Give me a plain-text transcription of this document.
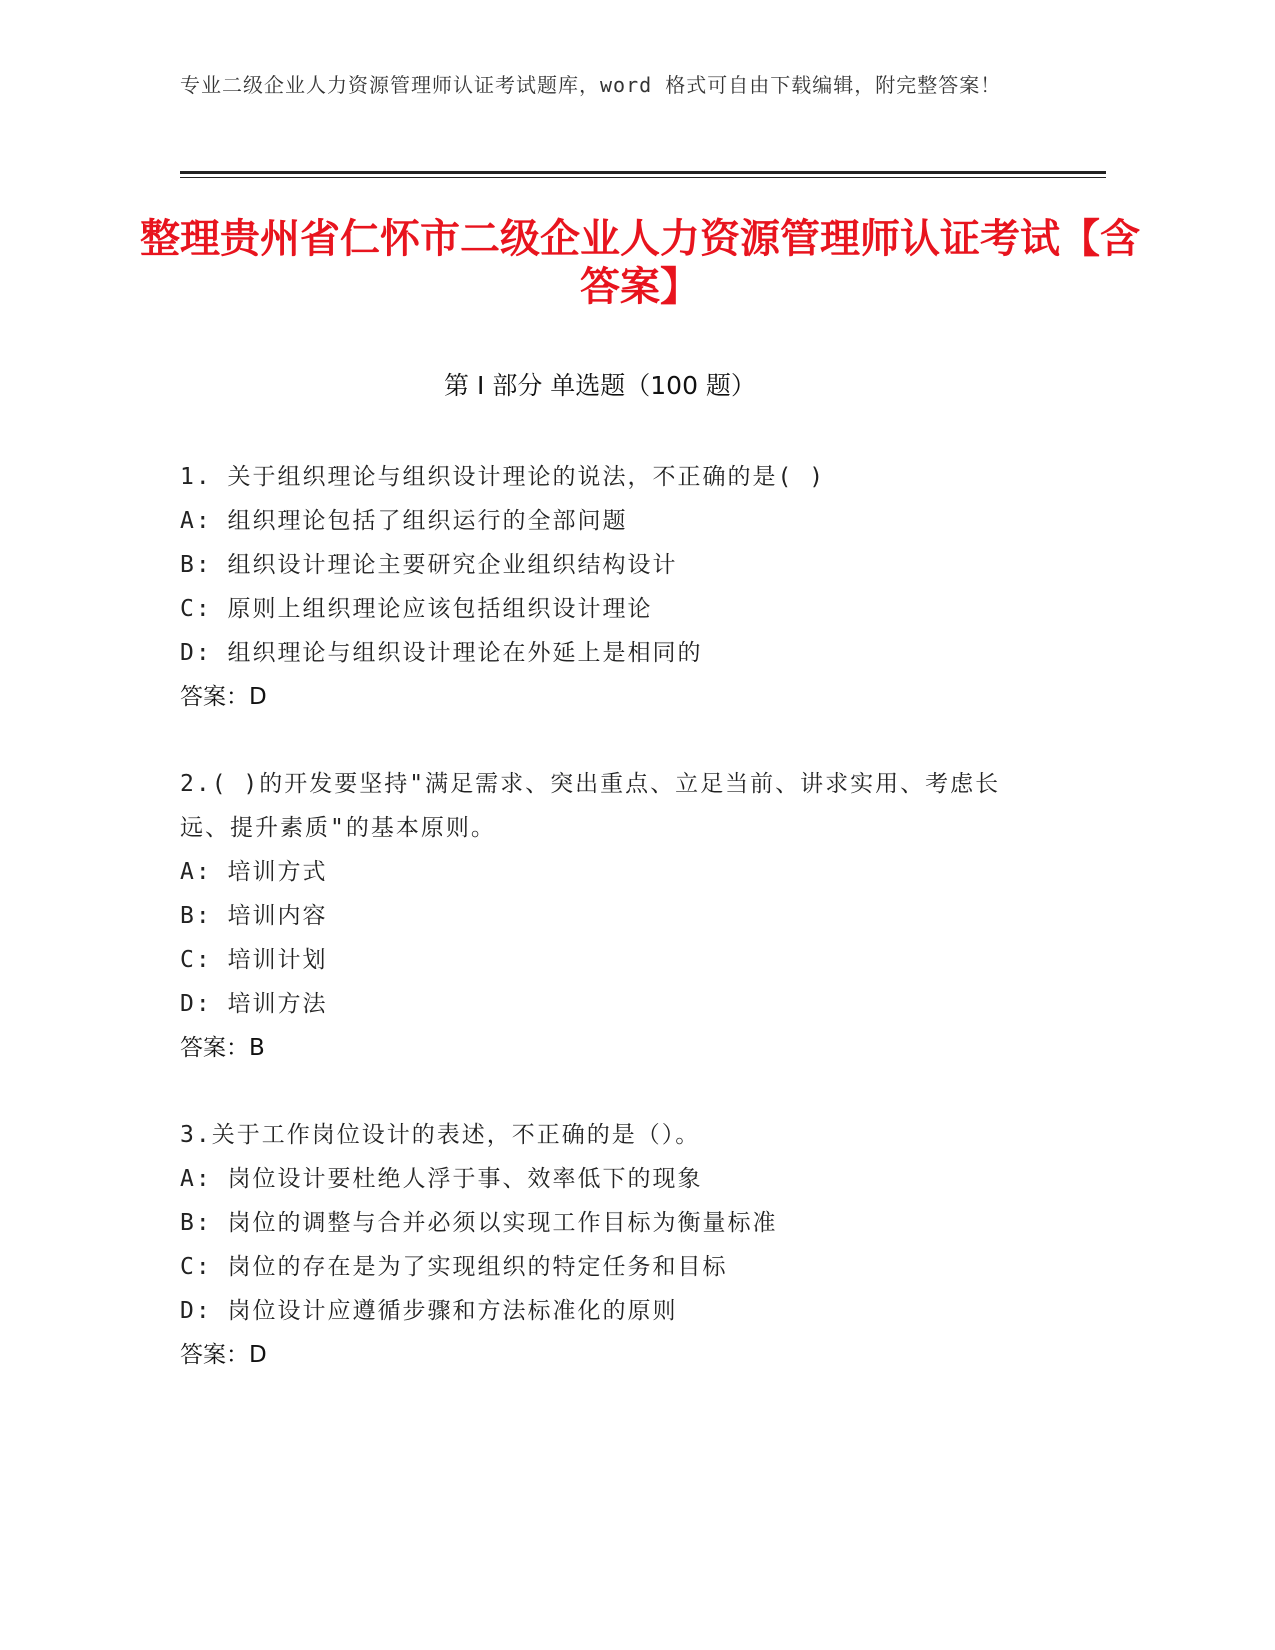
专业二级企业人力资源管理师认证考试题库，word 格式可自由下载编辑，附完整答案！
整理贵州省仁怀市二级企业人力资源管理师认证考试【含答案】
第 I 部分 单选题（100 题）
1. 关于组织理论与组织设计理论的说法，不正确的是( )
A: 组织理论包括了组织运行的全部问题
B: 组织设计理论主要研究企业组织结构设计
C: 原则上组织理论应该包括组织设计理论
D: 组织理论与组织设计理论在外延上是相同的
答案：D
2.( )的开发要坚持"满足需求、突出重点、立足当前、讲求实用、考虑长远、提升素质"的基本原则。
A: 培训方式
B: 培训内容
C: 培训计划
D: 培训方法
答案：B
3.关于工作岗位设计的表述，不正确的是（）。
A: 岗位设计要杜绝人浮于事、效率低下的现象
B: 岗位的调整与合并必须以实现工作目标为衡量标准
C: 岗位的存在是为了实现组织的特定任务和目标
D: 岗位设计应遵循步骤和方法标准化的原则
答案：D
